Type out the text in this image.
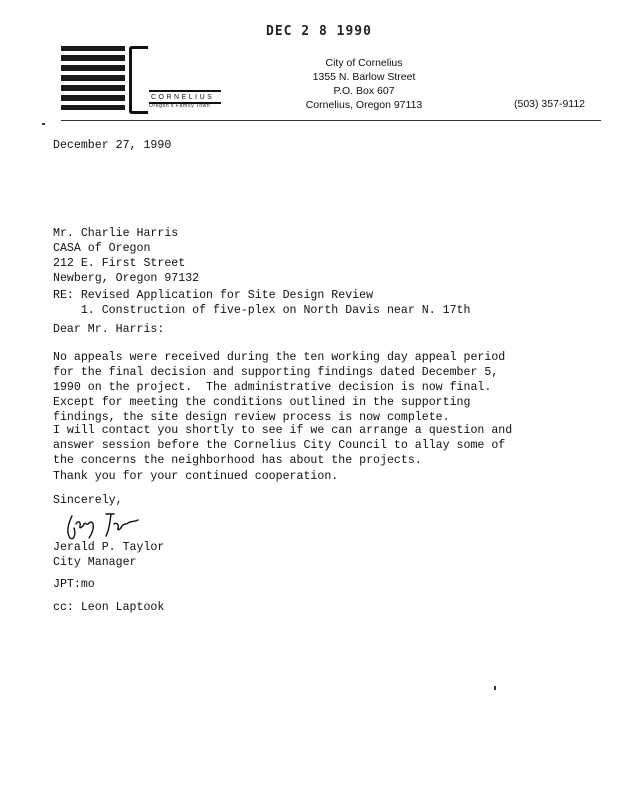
DEC 2 8 1990
CORNELIUS
Oregon's Family Town
City of Cornelius
1355 N. Barlow Street
P.O. Box 607
Cornelius, Oregon 97113	(503) 357-9112
December 27, 1990
Mr. Charlie Harris
CASA of Oregon
212 E. First Street
Newberg, Oregon 97132
RE: Revised Application for Site Design Review
1. Construction of five-plex on North Davis near N. 17th
Dear Mr. Harris:
No appeals were received during the ten working day appeal period
for the final decision and supporting findings dated December 5,
1990 on the project.  The administrative decision is now final.
Except for meeting the conditions outlined in the supporting
findings, the site design review process is now complete.
I will contact you shortly to see if we can arrange a question and
answer session before the Cornelius City Council to allay some of
the concerns the neighborhood has about the projects.
Thank you for your continued cooperation.
Sincerely,
Jerald P. Taylor
City Manager
JPT:mo
cc: Leon Laptook
